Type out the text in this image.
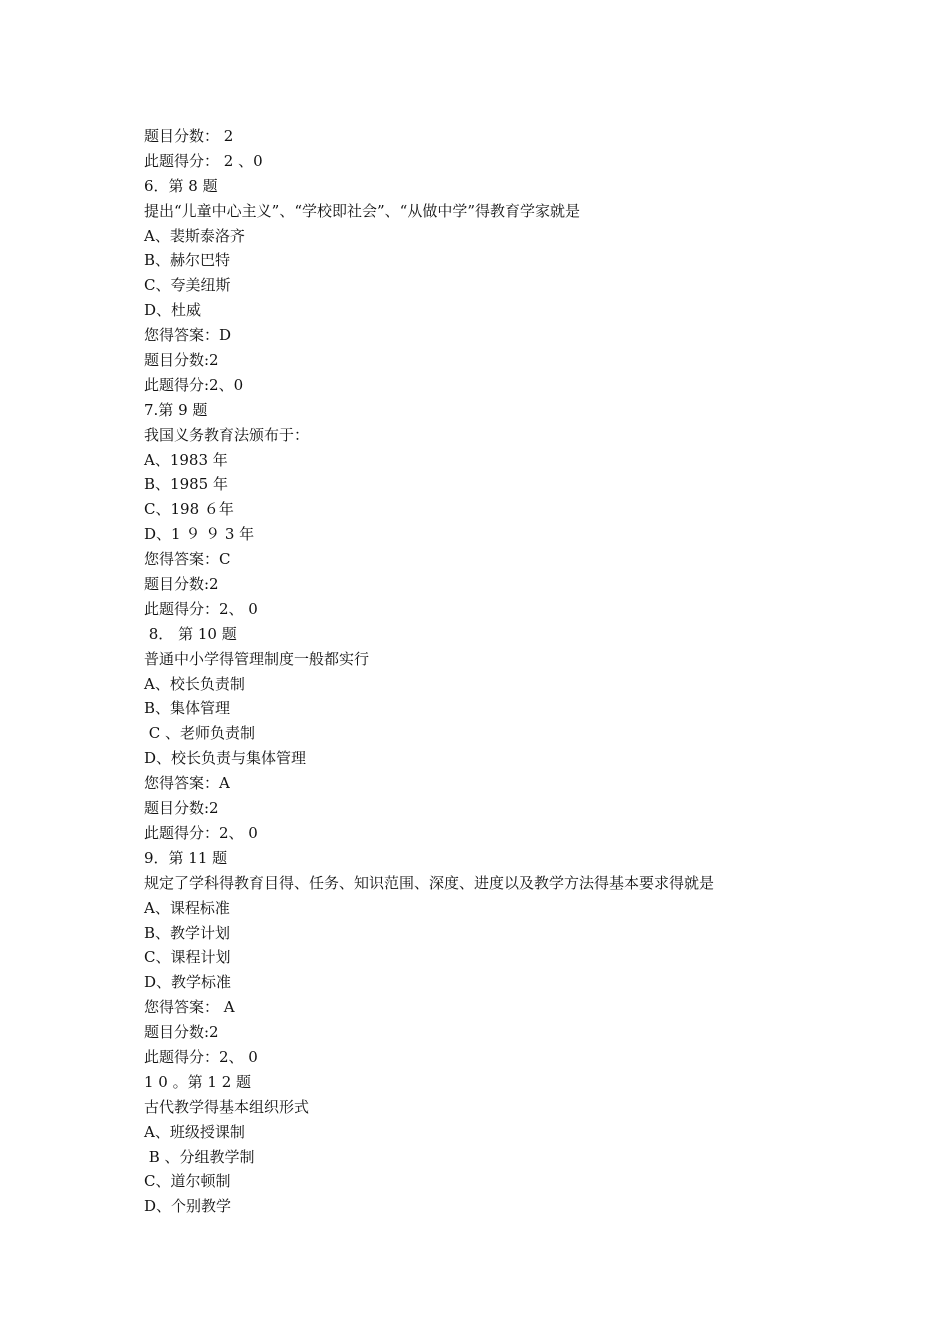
题目分数： 2
此题得分： 2 、0
6．第 8 题
提出“儿童中心主义”、“学校即社会”、“从做中学”得教育学家就是
A、裴斯泰洛齐
B、赫尔巴特
C、夸美纽斯
D、杜威
您得答案：D
题目分数:2
此题得分:2、0
7.第 9 题
我国义务教育法颁布于：
A、1983 年
B、1985 年
C、198 ６年
D、1 ９ ９ 3 年
您得答案：C
题目分数:2
此题得分：2、 0
8． 第 10 题
普通中小学得管理制度一般都实行
A、校长负责制
B、集体管理
C 、老师负责制
D、校长负责与集体管理
您得答案：A
题目分数:2
此题得分：2、 0
9．第 11 题
规定了学科得教育目得、任务、知识范围、深度、进度以及教学方法得基本要求得就是
A、课程标准
B、教学计划
C、课程计划
D、教学标准
您得答案： A
题目分数:2
此题得分：2、 0
1 0 。第 1 2 题
古代教学得基本组织形式
A、班级授课制
B 、分组教学制
C、道尔顿制
D、个别教学
